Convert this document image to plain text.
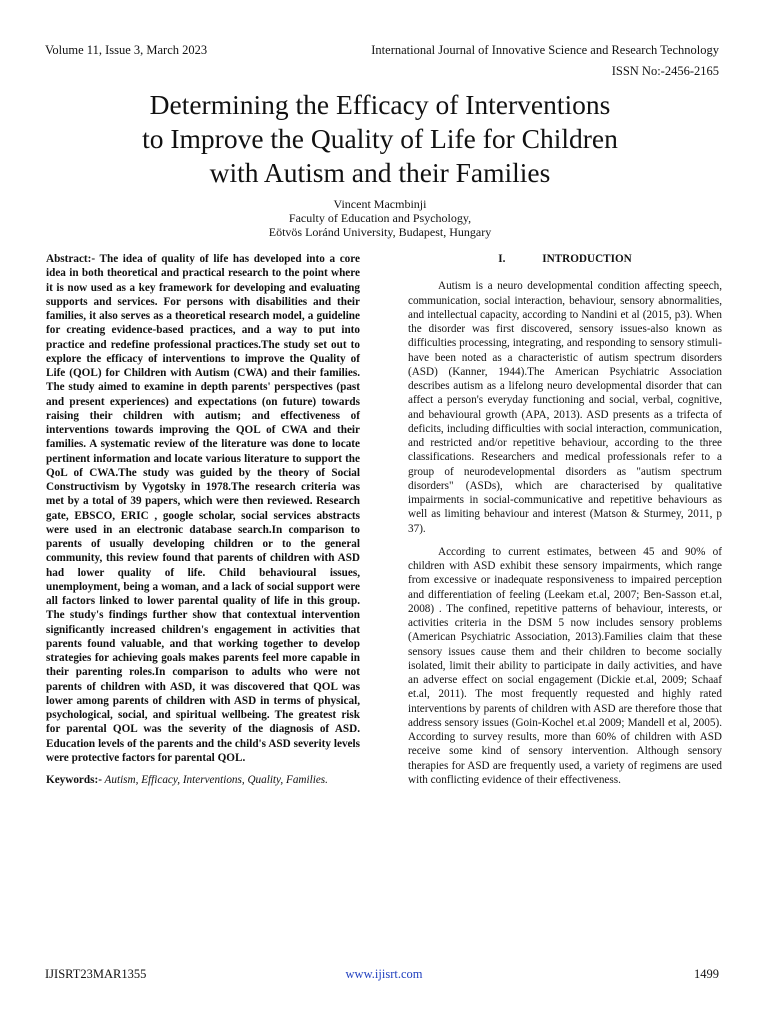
Volume 11, Issue 3, March 2023	International Journal of Innovative Science and Research Technology
ISSN No:-2456-2165
Determining the Efficacy of Interventions
to Improve the Quality of Life for Children
with Autism and their Families
Vincent Macmbinji
Faculty of Education and Psychology,
Eötvös Loránd University, Budapest, Hungary

Abstract:- The idea of quality of life has developed into a core idea in both theoretical and practical research to the point where it is now used as a key framework for developing and evaluating supports and services. For persons with disabilities and their families, it also serves as a theoretical research model, a guideline for creating evidence-based practices, and a way to put into practice and redefine professional practices.The study set out to explore the efficacy of interventions to improve the Quality of Life (QOL) for Children with Autism (CWA) and their families. The study aimed to examine in depth parents' perspectives (past and present experiences) and expectations (on future) towards raising their children with autism; and effectiveness of interventions towards improving the QOL of CWA and their families. A systematic review of the literature was done to locate pertinent information and locate various literature to support the QoL of CWA.The study was guided by the theory of Social Constructivism by Vygotsky in 1978.The research criteria was met by a total of 39 papers, which were then reviewed. Research gate, EBSCO, ERIC , google scholar, social services abstracts were used in an electronic database search.In comparison to parents of usually developing children or to the general community, this review found that parents of children with ASD had lower quality of life. Child behavioural issues, unemployment, being a woman, and a lack of social support were all factors linked to lower parental quality of life in this group. The study's findings further show that contextual intervention significantly increased children's engagement in activities that parents found valuable, and that working together to develop strategies for achieving goals makes parents feel more capable in their parenting roles.In comparison to adults who were not parents of children with ASD, it was discovered that QOL was lower among parents of children with ASD in terms of physical, psychological, social, and spiritual wellbeing. The greatest risk for parental QOL was the severity of the diagnosis of ASD. Education levels of the parents and the child's ASD severity levels were protective factors for parental QOL.

Keywords:- Autism, Efficacy, Interventions, Quality, Families.

I.	INTRODUCTION

Autism is a neuro developmental condition affecting speech, communication, social interaction, behaviour, sensory abnormalities, and intellectual capacity, according to Nandini et al (2015, p3). When the disorder was first discovered, sensory issues-also known as difficulties processing, integrating, and responding to sensory stimuli-have been noted as a characteristic of autism spectrum disorders (ASD) (Kanner, 1944).The American Psychiatric Association describes autism as a lifelong neuro developmental disorder that can affect a person's everyday functioning and social, verbal, cognitive, and behavioural growth (APA, 2013). ASD presents as a trifecta of deficits, including difficulties with social interaction, communication, and restricted and/or repetitive behaviour, according to the three classifications. Researchers and medical professionals refer to a group of neurodevelopmental disorders as "autism spectrum disorders" (ASDs), which are characterised by qualitative impairments in social-communicative and repetitive behaviours as well as limiting behaviour and interest (Matson & Sturmey, 2011, p 37).

According to current estimates, between 45 and 90% of children with ASD exhibit these sensory impairments, which range from excessive or inadequate responsiveness to impaired perception and differentiation of feeling (Leekam et.al, 2007; Ben-Sasson et.al, 2008) . The confined, repetitive patterns of behaviour, interests, or activities criteria in the DSM 5 now includes sensory problems (American Psychiatric Association, 2013).Families claim that these sensory issues cause them and their children to become socially isolated, limit their ability to participate in daily activities, and have an adverse effect on social engagement (Dickie et.al, 2009; Schaaf et.al, 2011). The most frequently requested and highly rated interventions by parents of children with ASD are therefore those that address sensory issues (Goin-Kochel et.al 2009; Mandell et al, 2005). According to survey results, more than 60% of children with ASD receive some kind of sensory intervention. Although sensory therapies for ASD are frequently used, a variety of regimens are used with conflicting evidence of their effectiveness.

IJISRT23MAR1355	www.ijisrt.com	1499
